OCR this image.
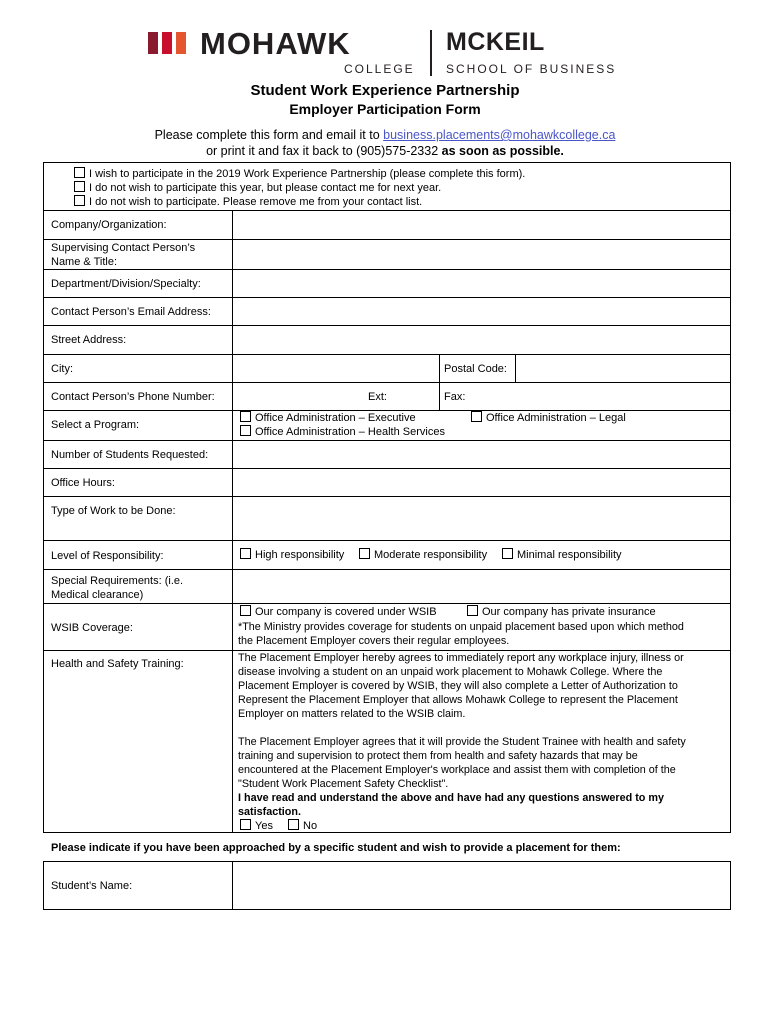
MOHAWK
COLLEGE
MCKEIL
SCHOOL OF BUSINESS
Student Work Experience Partnership
Employer Participation Form
Please complete this form and email it to business.placements@mohawkcollege.ca
or print it and fax it back to (905)575-2332 as soon as possible.
I wish to participate in the 2019 Work Experience Partnership (please complete this form).
I do not wish to participate this year, but please contact me for next year.
I do not wish to participate. Please remove me from your contact list.
Company/Organization:
Supervising Contact Person’s
Name & Title:
Department/Division/Specialty:
Contact Person’s Email Address:
Street Address:
City:	Postal Code:
Contact Person’s Phone Number:	Ext:	Fax:
Select a Program:
Office Administration – Executive	Office Administration – Legal
Office Administration – Health Services
Number of Students Requested:
Office Hours:
Type of Work to be Done:
Level of Responsibility:	High responsibility	Moderate responsibility	Minimal responsibility
Special Requirements: (i.e.
Medical clearance)
WSIB Coverage:
Our company is covered under WSIB	Our company has private insurance
*The Ministry provides coverage for students on unpaid placement based upon which method
the Placement Employer covers their regular employees.
Health and Safety Training:	The Placement Employer hereby agrees to immediately report any workplace injury, illness or
disease involving a student on an unpaid work placement to Mohawk College. Where the
Placement Employer is covered by WSIB, they will also complete a Letter of Authorization to
Represent the Placement Employer that allows Mohawk College to represent the Placement
Employer on matters related to the WSIB claim.
The Placement Employer agrees that it will provide the Student Trainee with health and safety
training and supervision to protect them from health and safety hazards that may be
encountered at the Placement Employer's workplace and assist them with completion of the
"Student Work Placement Safety Checklist".
I have read and understand the above and have had any questions answered to my
satisfaction.
Yes	No
Please indicate if you have been approached by a specific student and wish to provide a placement for them:
Student’s Name:
